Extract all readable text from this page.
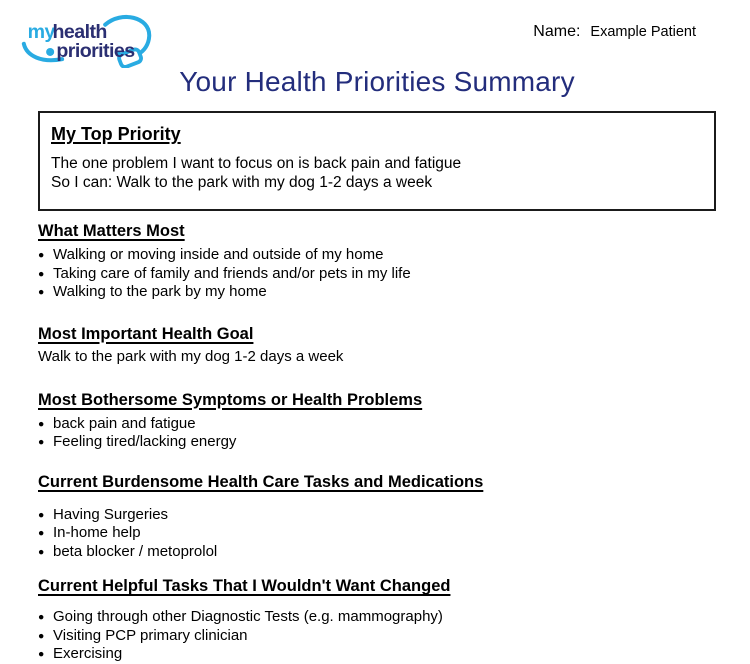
my
health
priorities
Name: Example Patient
Your Health Priorities Summary
My Top Priority

The one problem I want to focus on is back pain and fatigue

So I can: Walk to the park with my dog 1-2 days a week

What Matters Most
● Walking or moving inside and outside of my home
● Taking care of family and friends and/or pets in my life
● Walking to the park by my home
Most Important Health Goal

Walk to the park with my dog 1-2 days a week

Most Bothersome Symptoms or Health Problems
● back pain and fatigue
● Feeling tired/lacking energy
Current Burdensome Health Care Tasks and Medications
● Having Surgeries
● In-home help
● beta blocker / metoprolol
Current Helpful Tasks That I Wouldn't Want Changed
● Going through other Diagnostic Tests (e.g. mammography)
● Visiting PCP primary clinician
● Exercising
